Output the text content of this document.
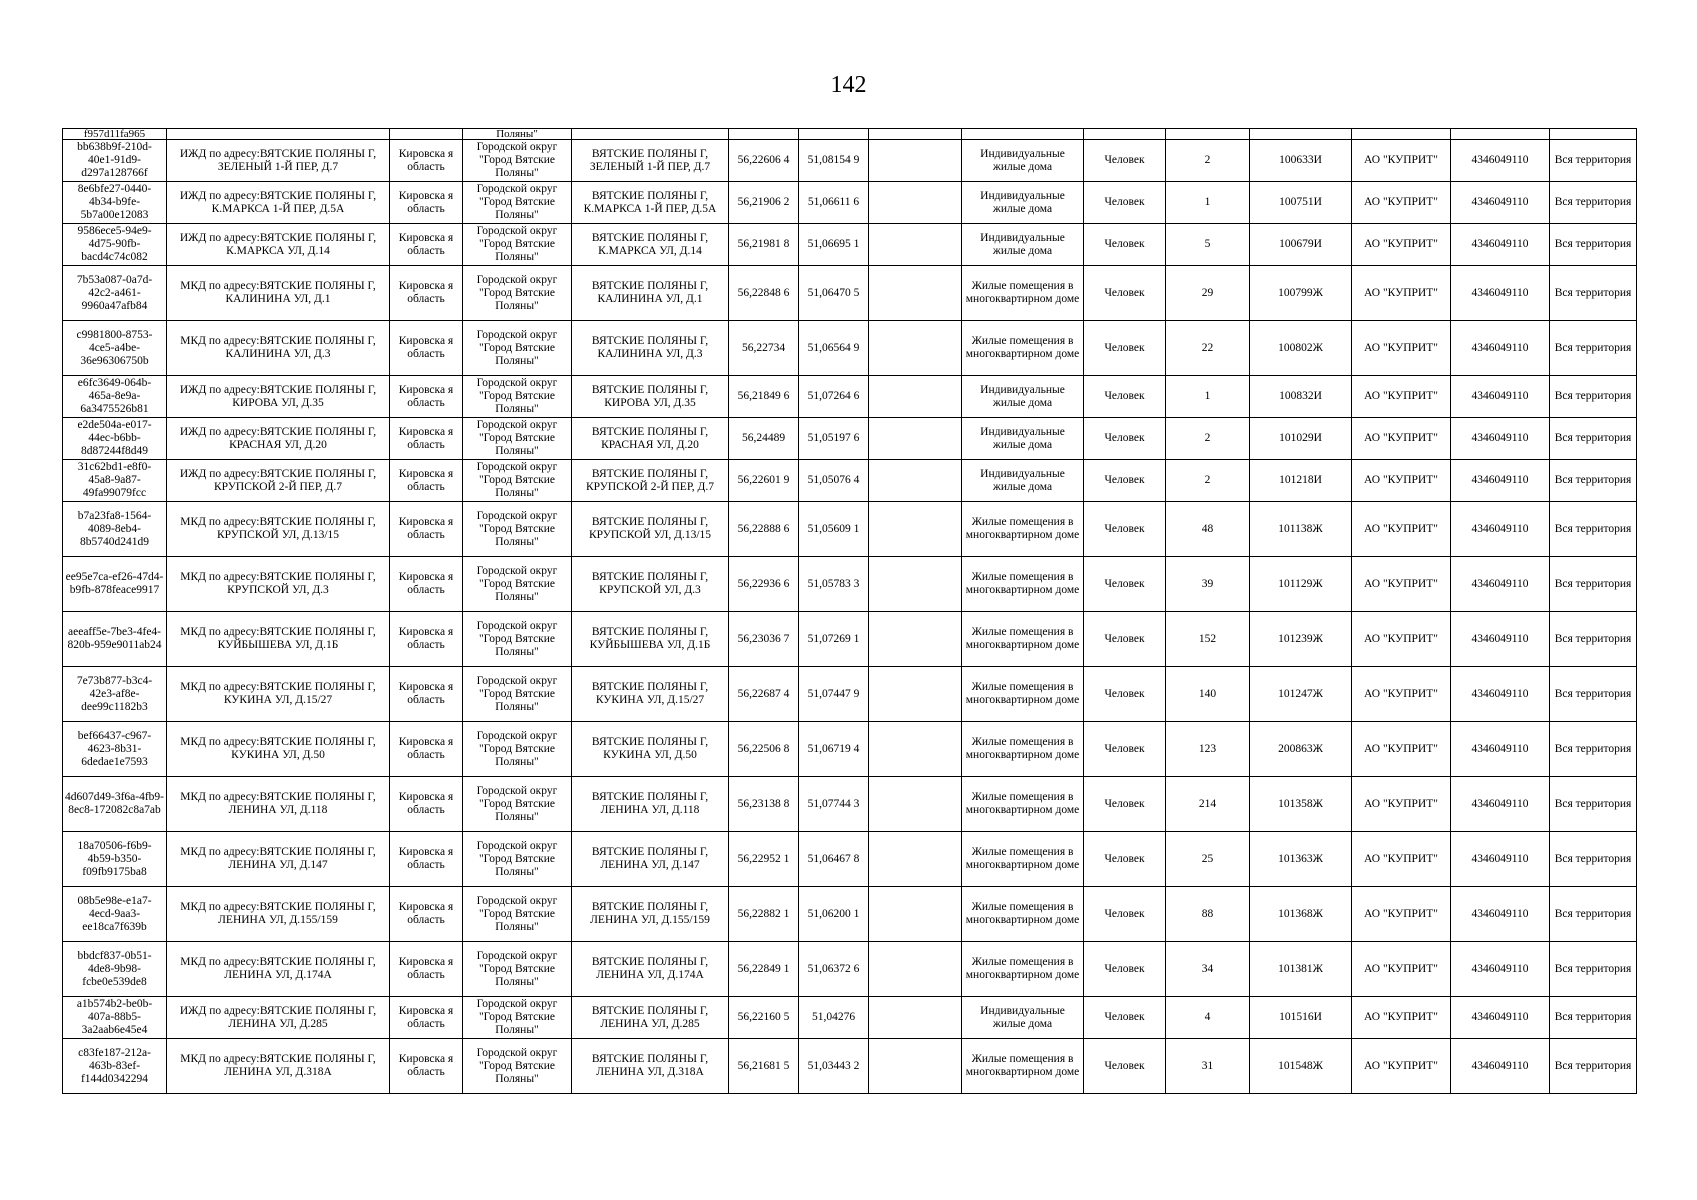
142
f957d11fa965			Поляны"											
bb638b9f-210d-40e1-91d9-d297a128766f	ИЖД по адресу:ВЯТСКИЕ ПОЛЯНЫ Г, ЗЕЛЕНЫЙ 1-Й ПЕР, Д.7	Кировска я область	Городской округ "Город Вятские Поляны"	ВЯТСКИЕ ПОЛЯНЫ Г, ЗЕЛЕНЫЙ 1-Й ПЕР, Д.7	56,22606 4	51,08154 9		Индивидуальные жилые дома	Человек	2	100633И	АО "КУПРИТ"	4346049110	Вся территория
8e6bfe27-0440-4b34-b9fe-5b7a00e12083	ИЖД по адресу:ВЯТСКИЕ ПОЛЯНЫ Г, К.МАРКСА 1-Й ПЕР, Д.5А	Кировска я область	Городской округ "Город Вятские Поляны"	ВЯТСКИЕ ПОЛЯНЫ Г, К.МАРКСА 1-Й ПЕР, Д.5А	56,21906 2	51,06611 6		Индивидуальные жилые дома	Человек	1	100751И	АО "КУПРИТ"	4346049110	Вся территория
9586ece5-94e9-4d75-90fb-bacd4c74c082	ИЖД по адресу:ВЯТСКИЕ ПОЛЯНЫ Г, К.МАРКСА УЛ, Д.14	Кировска я область	Городской округ "Город Вятские Поляны"	ВЯТСКИЕ ПОЛЯНЫ Г, К.МАРКСА УЛ, Д.14	56,21981 8	51,06695 1		Индивидуальные жилые дома	Человек	5	100679И	АО "КУПРИТ"	4346049110	Вся территория
7b53a087-0a7d-42c2-a461-9960a47afb84	МКД по адресу:ВЯТСКИЕ ПОЛЯНЫ Г, КАЛИНИНА УЛ, Д.1	Кировска я область	Городской округ "Город Вятские Поляны"	ВЯТСКИЕ ПОЛЯНЫ Г, КАЛИНИНА УЛ, Д.1	56,22848 6	51,06470 5		Жилые помещения в многоквартирном доме	Человек	29	100799Ж	АО "КУПРИТ"	4346049110	Вся территория
c9981800-8753-4ce5-a4be-36e96306750b	МКД по адресу:ВЯТСКИЕ ПОЛЯНЫ Г, КАЛИНИНА УЛ, Д.3	Кировска я область	Городской округ "Город Вятские Поляны"	ВЯТСКИЕ ПОЛЯНЫ Г, КАЛИНИНА УЛ, Д.3	56,22734	51,06564 9		Жилые помещения в многоквартирном доме	Человек	22	100802Ж	АО "КУПРИТ"	4346049110	Вся территория
e6fc3649-064b-465a-8e9a-6a3475526b81	ИЖД по адресу:ВЯТСКИЕ ПОЛЯНЫ Г, КИРОВА УЛ, Д.35	Кировска я область	Городской округ "Город Вятские Поляны"	ВЯТСКИЕ ПОЛЯНЫ Г, КИРОВА УЛ, Д.35	56,21849 6	51,07264 6		Индивидуальные жилые дома	Человек	1	100832И	АО "КУПРИТ"	4346049110	Вся территория
e2de504a-e017-44ec-b6bb-8d87244f8d49	ИЖД по адресу:ВЯТСКИЕ ПОЛЯНЫ Г, КРАСНАЯ УЛ, Д.20	Кировска я область	Городской округ "Город Вятские Поляны"	ВЯТСКИЕ ПОЛЯНЫ Г, КРАСНАЯ УЛ, Д.20	56,24489	51,05197 6		Индивидуальные жилые дома	Человек	2	101029И	АО "КУПРИТ"	4346049110	Вся территория
31c62bd1-e8f0-45a8-9a87-49fa99079fcc	ИЖД по адресу:ВЯТСКИЕ ПОЛЯНЫ Г, КРУПСКОЙ 2-Й ПЕР, Д.7	Кировска я область	Городской округ "Город Вятские Поляны"	ВЯТСКИЕ ПОЛЯНЫ Г, КРУПСКОЙ 2-Й ПЕР, Д.7	56,22601 9	51,05076 4		Индивидуальные жилые дома	Человек	2	101218И	АО "КУПРИТ"	4346049110	Вся территория
b7a23fa8-1564-4089-8eb4-8b5740d241d9	МКД по адресу:ВЯТСКИЕ ПОЛЯНЫ Г, КРУПСКОЙ УЛ, Д.13/15	Кировска я область	Городской округ "Город Вятские Поляны"	ВЯТСКИЕ ПОЛЯНЫ Г, КРУПСКОЙ УЛ, Д.13/15	56,22888 6	51,05609 1		Жилые помещения в многоквартирном доме	Человек	48	101138Ж	АО "КУПРИТ"	4346049110	Вся территория
ee95e7ca-ef26-47d4-b9fb-878feace9917	МКД по адресу:ВЯТСКИЕ ПОЛЯНЫ Г, КРУПСКОЙ УЛ, Д.3	Кировска я область	Городской округ "Город Вятские Поляны"	ВЯТСКИЕ ПОЛЯНЫ Г, КРУПСКОЙ УЛ, Д.3	56,22936 6	51,05783 3		Жилые помещения в многоквартирном доме	Человек	39	101129Ж	АО "КУПРИТ"	4346049110	Вся территория
aeeaff5e-7be3-4fe4-820b-959e9011ab24	МКД по адресу:ВЯТСКИЕ ПОЛЯНЫ Г, КУЙБЫШЕВА УЛ, Д.1Б	Кировска я область	Городской округ "Город Вятские Поляны"	ВЯТСКИЕ ПОЛЯНЫ Г, КУЙБЫШЕВА УЛ, Д.1Б	56,23036 7	51,07269 1		Жилые помещения в многоквартирном доме	Человек	152	101239Ж	АО "КУПРИТ"	4346049110	Вся территория
7e73b877-b3c4-42e3-af8e-dee99c1182b3	МКД по адресу:ВЯТСКИЕ ПОЛЯНЫ Г, КУКИНА УЛ, Д.15/27	Кировска я область	Городской округ "Город Вятские Поляны"	ВЯТСКИЕ ПОЛЯНЫ Г, КУКИНА УЛ, Д.15/27	56,22687 4	51,07447 9		Жилые помещения в многоквартирном доме	Человек	140	101247Ж	АО "КУПРИТ"	4346049110	Вся территория
bef66437-c967-4623-8b31-6dedae1e7593	МКД по адресу:ВЯТСКИЕ ПОЛЯНЫ Г, КУКИНА УЛ, Д.50	Кировска я область	Городской округ "Город Вятские Поляны"	ВЯТСКИЕ ПОЛЯНЫ Г, КУКИНА УЛ, Д.50	56,22506 8	51,06719 4		Жилые помещения в многоквартирном доме	Человек	123	200863Ж	АО "КУПРИТ"	4346049110	Вся территория
4d607d49-3f6a-4fb9-8ec8-172082c8a7ab	МКД по адресу:ВЯТСКИЕ ПОЛЯНЫ Г, ЛЕНИНА УЛ, Д.118	Кировска я область	Городской округ "Город Вятские Поляны"	ВЯТСКИЕ ПОЛЯНЫ Г, ЛЕНИНА УЛ, Д.118	56,23138 8	51,07744 3		Жилые помещения в многоквартирном доме	Человек	214	101358Ж	АО "КУПРИТ"	4346049110	Вся территория
18a70506-f6b9-4b59-b350-f09fb9175ba8	МКД по адресу:ВЯТСКИЕ ПОЛЯНЫ Г, ЛЕНИНА УЛ, Д.147	Кировска я область	Городской округ "Город Вятские Поляны"	ВЯТСКИЕ ПОЛЯНЫ Г, ЛЕНИНА УЛ, Д.147	56,22952 1	51,06467 8		Жилые помещения в многоквартирном доме	Человек	25	101363Ж	АО "КУПРИТ"	4346049110	Вся территория
08b5e98e-e1a7-4ecd-9aa3-ee18ca7f639b	МКД по адресу:ВЯТСКИЕ ПОЛЯНЫ Г, ЛЕНИНА УЛ, Д.155/159	Кировска я область	Городской округ "Город Вятские Поляны"	ВЯТСКИЕ ПОЛЯНЫ Г, ЛЕНИНА УЛ, Д.155/159	56,22882 1	51,06200 1		Жилые помещения в многоквартирном доме	Человек	88	101368Ж	АО "КУПРИТ"	4346049110	Вся территория
bbdcf837-0b51-4de8-9b98-fcbe0e539de8	МКД по адресу:ВЯТСКИЕ ПОЛЯНЫ Г, ЛЕНИНА УЛ, Д.174А	Кировска я область	Городской округ "Город Вятские Поляны"	ВЯТСКИЕ ПОЛЯНЫ Г, ЛЕНИНА УЛ, Д.174А	56,22849 1	51,06372 6		Жилые помещения в многоквартирном доме	Человек	34	101381Ж	АО "КУПРИТ"	4346049110	Вся территория
a1b574b2-be0b-407a-88b5-3a2aab6e45e4	ИЖД по адресу:ВЯТСКИЕ ПОЛЯНЫ Г, ЛЕНИНА УЛ, Д.285	Кировска я область	Городской округ "Город Вятские Поляны"	ВЯТСКИЕ ПОЛЯНЫ Г, ЛЕНИНА УЛ, Д.285	56,22160 5	51,04276		Индивидуальные жилые дома	Человек	4	101516И	АО "КУПРИТ"	4346049110	Вся территория
c83fe187-212a-463b-83ef-f144d0342294	МКД по адресу:ВЯТСКИЕ ПОЛЯНЫ Г, ЛЕНИНА УЛ, Д.318А	Кировска я область	Городской округ "Город Вятские Поляны"	ВЯТСКИЕ ПОЛЯНЫ Г, ЛЕНИНА УЛ, Д.318А	56,21681 5	51,03443 2		Жилые помещения в многоквартирном доме	Человек	31	101548Ж	АО "КУПРИТ"	4346049110	Вся территория
